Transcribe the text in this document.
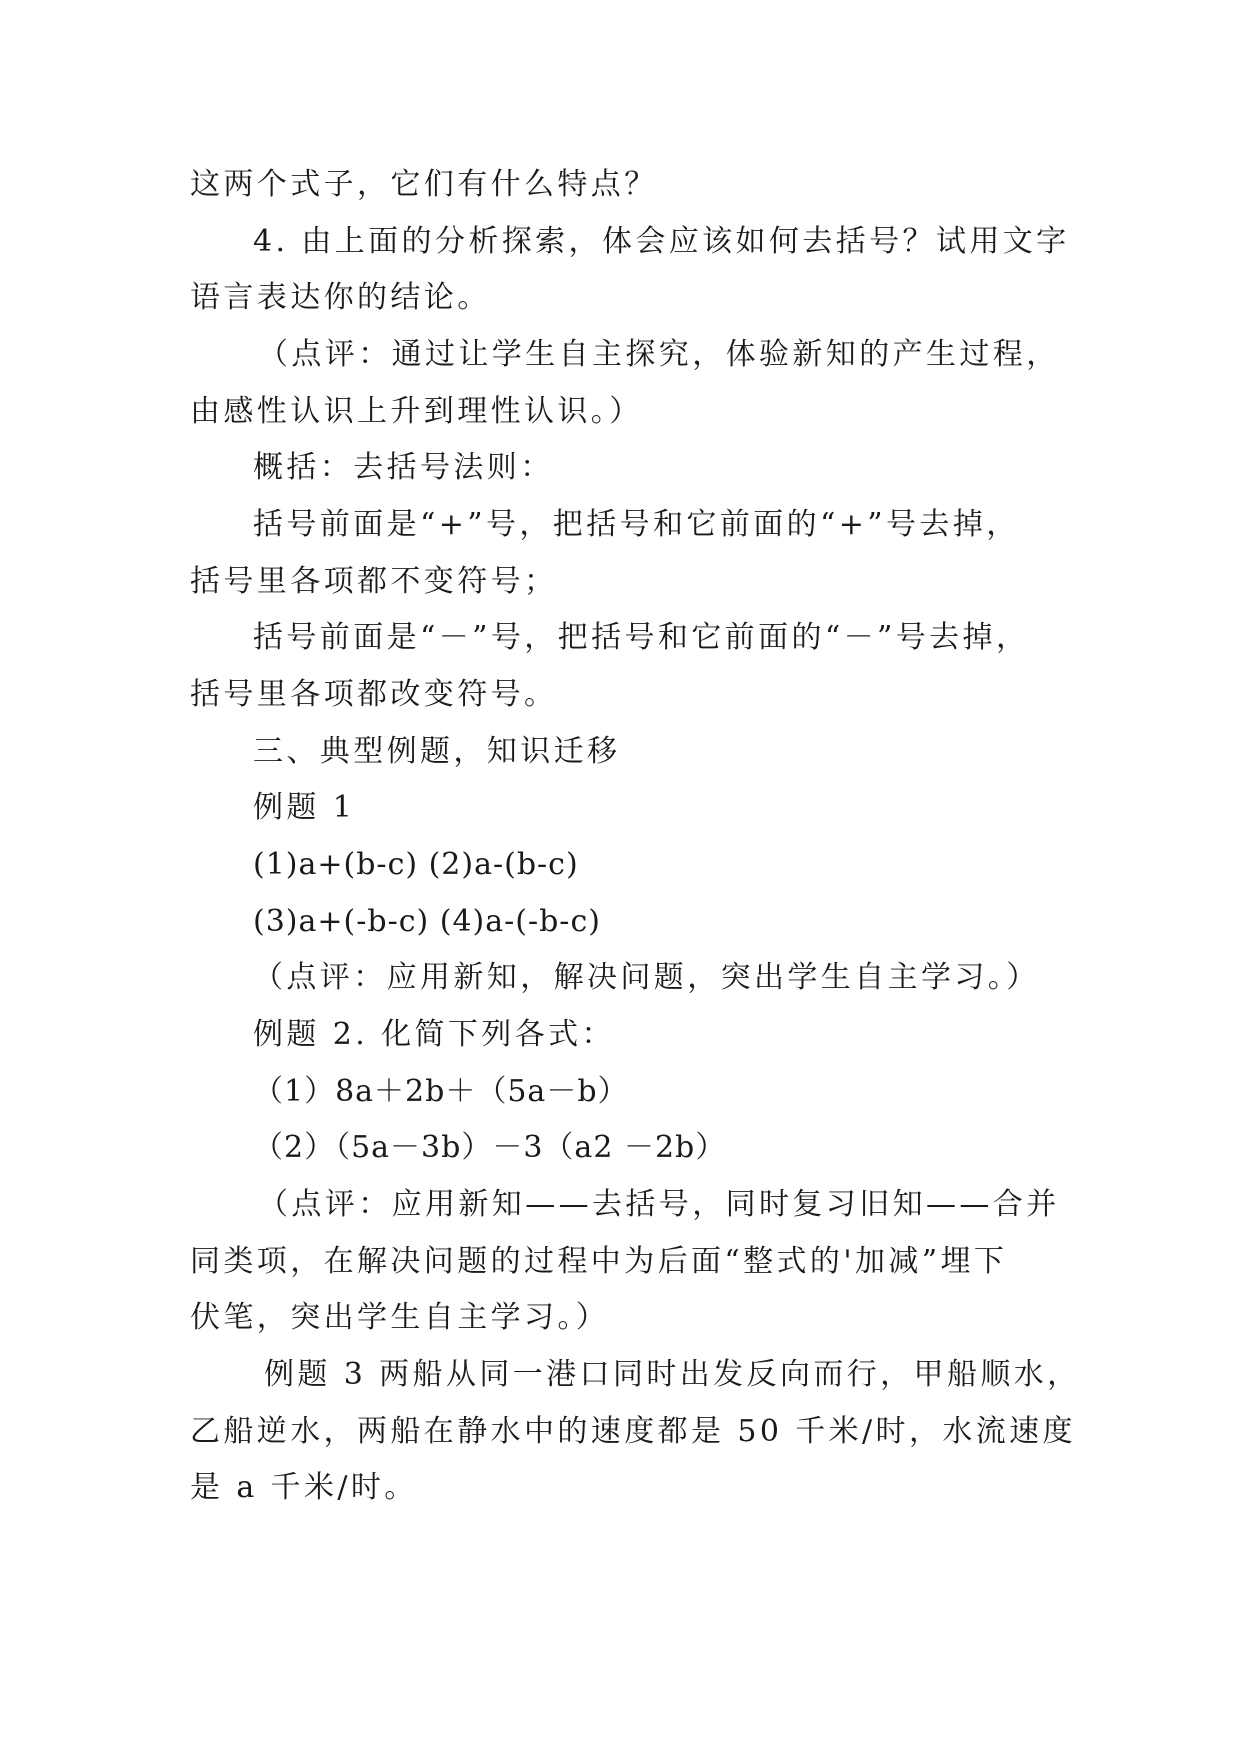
这两个式子，它们有什么特点？
4. 由上面的分析探索，体会应该如何去括号？试用文字
语言表达你的结论。
（点评：通过让学生自主探究，体验新知的产生过程，
由感性认识上升到理性认识。）
概括：去括号法则：
括号前面是“+”号，把括号和它前面的“+”号去掉，
括号里各项都不变符号；
括号前面是“－”号，把括号和它前面的“－”号去掉，
括号里各项都改变符号。
三、典型例题，知识迁移
例题 1
(1)a+(b-c) (2)a-(b-c)
(3)a+(-b-c) (4)a-(-b-c)
（点评：应用新知，解决问题，突出学生自主学习。）
例题 2. 化简下列各式：
（1）8a＋2b＋（5a－b）
（2）（5a－3b）－3（a2 －2b）
（点评：应用新知——去括号，同时复习旧知——合并
同类项，在解决问题的过程中为后面“整式的'加减”埋下
伏笔，突出学生自主学习。）
例题 3 两船从同一港口同时出发反向而行，甲船顺水，
乙船逆水，两船在静水中的速度都是 50 千米/时，水流速度
是 a 千米/时。
